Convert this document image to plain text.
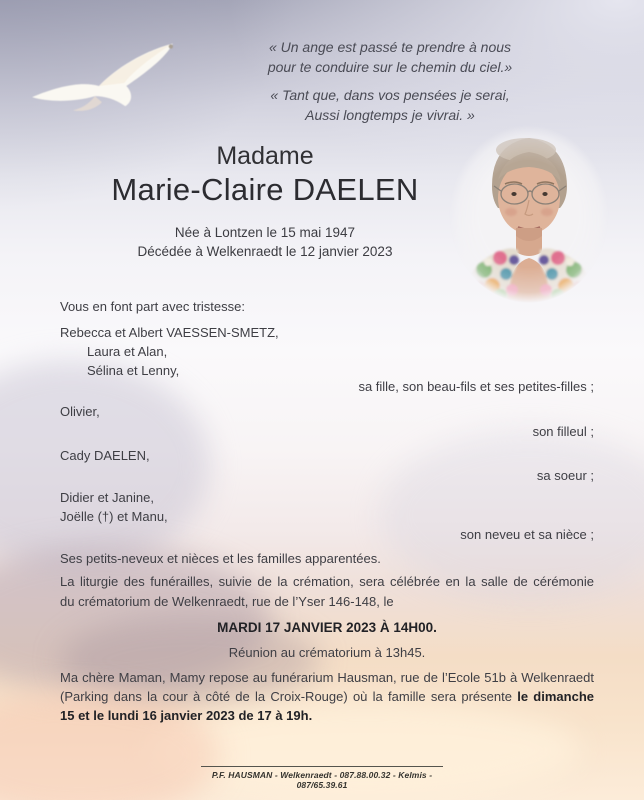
« Un ange est passé te prendre à nous
pour te conduire sur le chemin du ciel.»

« Tant que, dans vos pensées je serai,
Aussi longtemps je vivrai. »

Madame
Marie-Claire DAELEN
Née à Lontzen le 15 mai 1947
Décédée à Welkenraedt le 12 janvier 2023
Vous en font part avec tristesse:
Rebecca et Albert VAESSEN-SMETZ,
Laura et Alan,
Sélina et Lenny,
sa fille, son beau-fils et ses petites-filles ;
Olivier,
son filleul ;
Cady DAELEN,
sa soeur ;
Didier et Janine,
Joëlle (†) et Manu,
son neveu et sa nièce ;
Ses petits-neveux et nièces et les familles apparentées.
La liturgie des funérailles, suivie de la crémation, sera célébrée en la salle de cérémonie
du crématorium de Welkenraedt, rue de l’Yser 146-148, le
MARDI 17 JANVIER 2023 À 14H00.
Réunion au crématorium à 13h45.
Ma chère Maman, Mamy repose au funérarium Hausman, rue de l’Ecole 51b à Welkenraedt
(Parking dans la cour à côté de la Croix-Rouge) où la famille sera présente le dimanche
15 et le lundi 16 janvier 2023 de 17 à 19h.
P.F. HAUSMAN - Welkenraedt - 087.88.00.32 - Kelmis - 087/65.39.61
